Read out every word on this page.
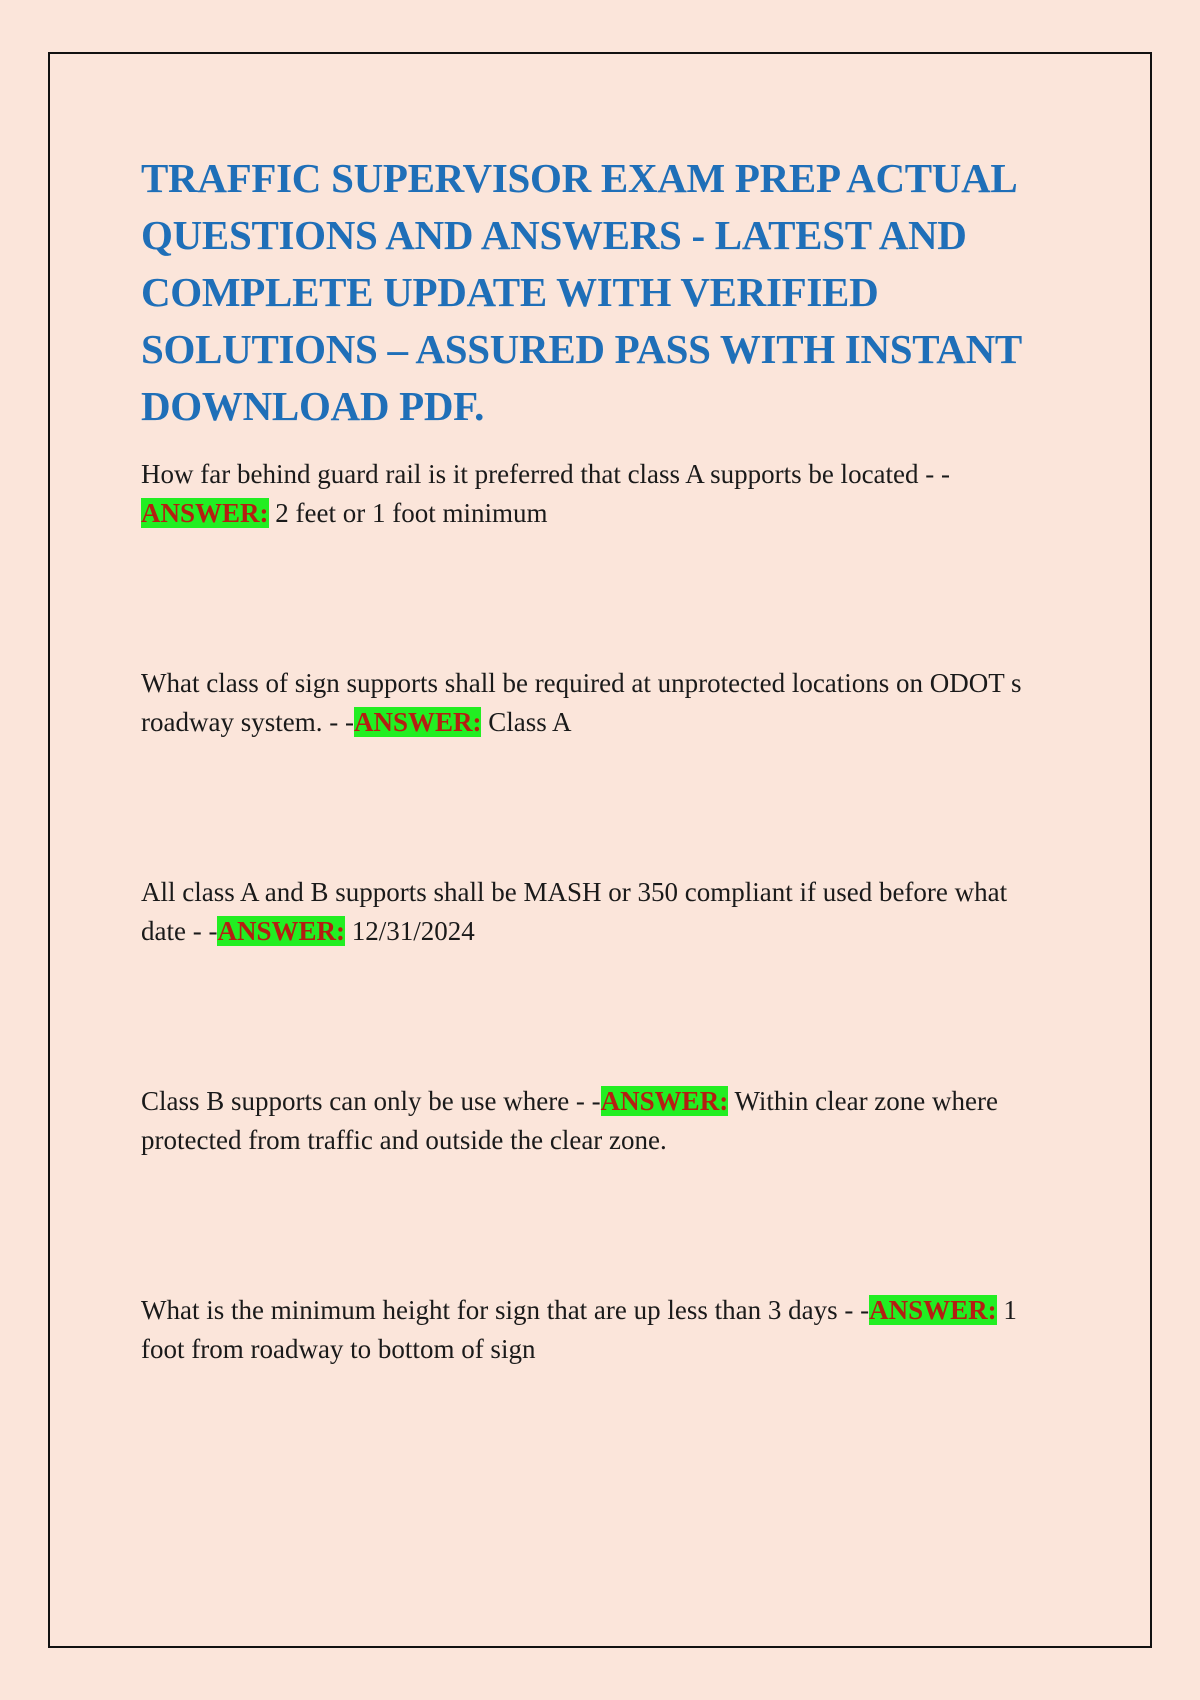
TRAFFIC SUPERVISOR EXAM PREP ACTUAL QUESTIONS AND ANSWERS - LATEST AND COMPLETE UPDATE WITH VERIFIED SOLUTIONS – ASSURED PASS WITH INSTANT DOWNLOAD PDF.

How far behind guard rail is it preferred that class A supports be located - -ANSWER: 2 feet or 1 foot minimum

What class of sign supports shall be required at unprotected locations on ODOT s roadway system. - -ANSWER: Class A

All class A and B supports shall be MASH or 350 compliant if used before what date - -ANSWER: 12/31/2024

Class B supports can only be use where - -ANSWER: Within clear zone where protected from traffic and outside the clear zone.

What is the minimum height for sign that are up less than 3 days - -ANSWER: 1 foot from roadway to bottom of sign
